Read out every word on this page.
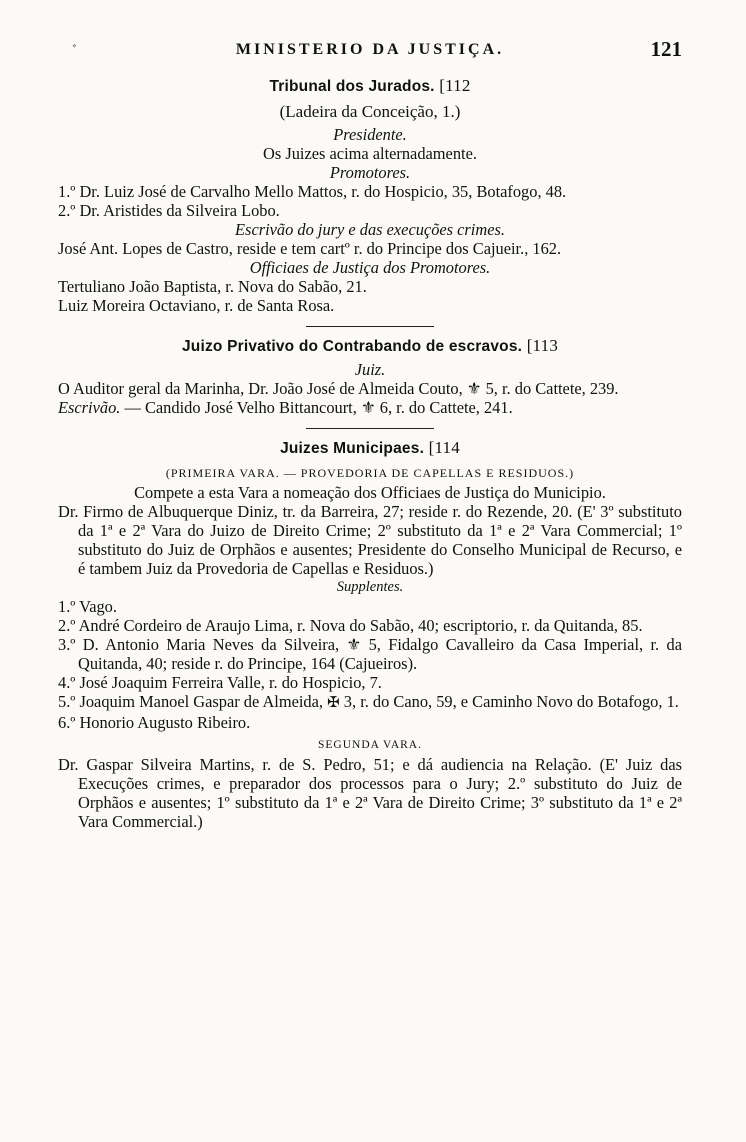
ﾞ	MINISTERIO DA JUSTIÇA.	121
Tribunal dos Jurados. [112
(Ladeira da Conceição, 1.)
Presidente.
Os Juizes acima alternadamente.
Promotores.
1.º Dr. Luiz José de Carvalho Mello Mattos, r. do Hospicio, 35, Botafogo, 48.
2.º Dr. Aristides da Silveira Lobo.
Escrivão do jury e das execuções crimes.
José Ant. Lopes de Castro, reside e tem cartº r. do Principe dos Cajueir., 162.
Officiaes de Justiça dos Promotores.
Tertuliano João Baptista, r. Nova do Sabão, 21.
Luiz Moreira Octaviano, r. de Santa Rosa.
Juizo Privativo do Contrabando de escravos. [113
Juiz.
O Auditor geral da Marinha, Dr. João José de Almeida Couto, ⚜ 5, r. do Cattete, 239.
Escrivão. — Candido José Velho Bittancourt, ⚜ 6, r. do Cattete, 241.
Juizes Municipaes. [114
(PRIMEIRA VARA. — PROVEDORIA DE CAPELLAS E RESIDUOS.)
Compete a esta Vara a nomeação dos Officiaes de Justiça do Municipio.
Dr. Firmo de Albuquerque Diniz, tr. da Barreira, 27; reside r. do Rezende, 20. (E' 3º substituto da 1ª e 2ª Vara do Juizo de Direito Crime; 2º substituto da 1ª e 2ª Vara Commercial; 1º substituto do Juiz de Orphãos e ausentes; Presidente do Conselho Municipal de Recurso, e é tambem Juiz da Provedoria de Capellas e Residuos.)
Supplentes.
1.º Vago.
2.º André Cordeiro de Araujo Lima, r. Nova do Sabão, 40; escriptorio, r. da Quitanda, 85.
3.º D. Antonio Maria Neves da Silveira, ⚜ 5, Fidalgo Cavalleiro da Casa Imperial, r. da Quitanda, 40; reside r. do Principe, 164 (Cajueiros).
4.º José Joaquim Ferreira Valle, r. do Hospicio, 7.
5.º Joaquim Manoel Gaspar de Almeida, ✠ 3, r. do Cano, 59, e Caminho Novo do Botafogo, 1.
6.º Honorio Augusto Ribeiro.
SEGUNDA VARA.
Dr. Gaspar Silveira Martins, r. de S. Pedro, 51; e dá audiencia na Relação. (E' Juiz das Execuções crimes, e preparador dos processos para o Jury; 2.º substituto do Juiz de Orphãos e ausentes; 1º substituto da 1ª e 2ª Vara de Direito Crime; 3º substituto da 1ª e 2ª Vara Commercial.)
